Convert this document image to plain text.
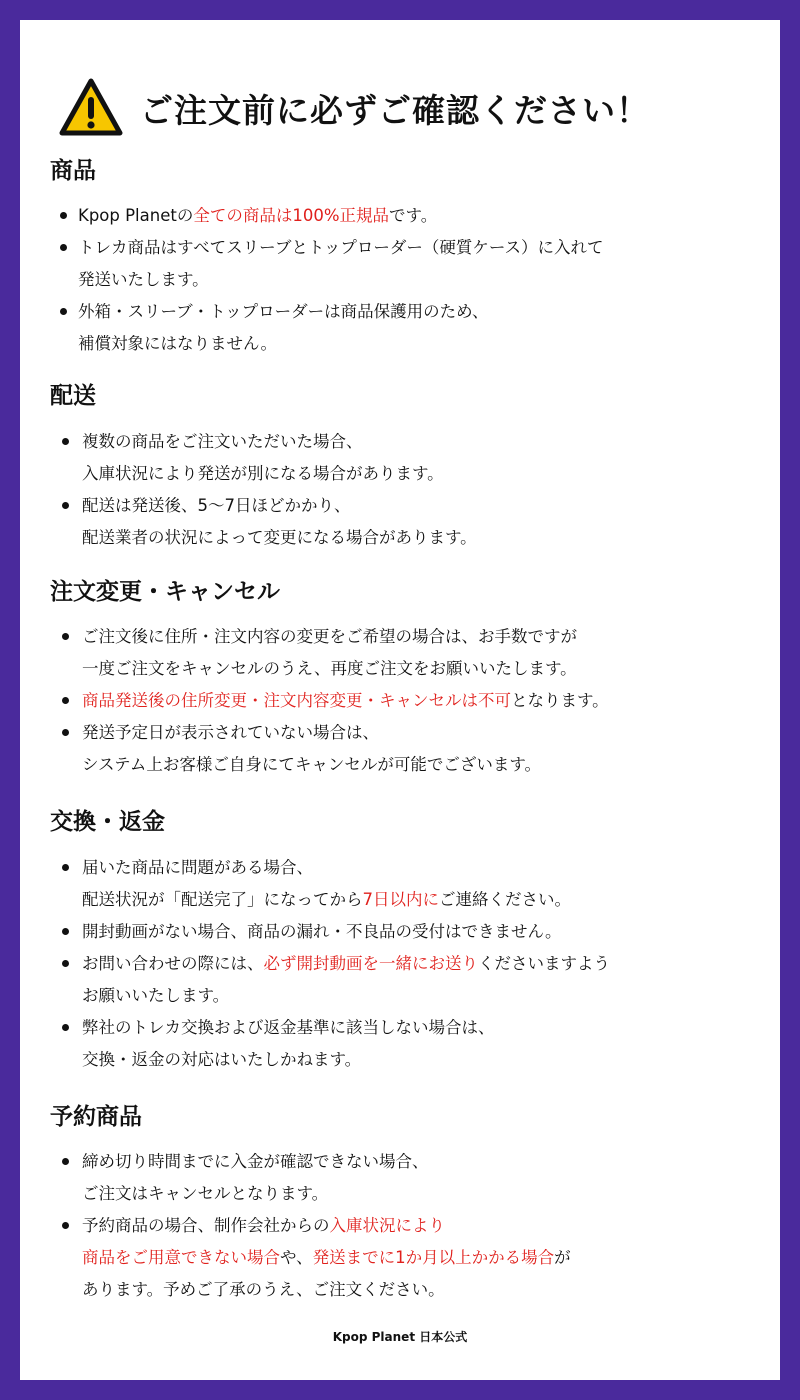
ご注文前に必ずご確認ください！
商品
Kpop Planetの全ての商品は100%正規品です。
トレカ商品はすべてスリーブとトップローダー（硬質ケース）に入れて
発送いたします。
外箱・スリーブ・トップローダーは商品保護用のため、
補償対象にはなりません。
配送
複数の商品をご注文いただいた場合、
入庫状況により発送が別になる場合があります。
配送は発送後、5〜7日ほどかかり、
配送業者の状況によって変更になる場合があります。
注文変更・キャンセル
ご注文後に住所・注文内容の変更をご希望の場合は、お手数ですが
一度ご注文をキャンセルのうえ、再度ご注文をお願いいたします。
商品発送後の住所変更・注文内容変更・キャンセルは不可となります。
発送予定日が表示されていない場合は、
システム上お客様ご自身にてキャンセルが可能でございます。
交換・返金
届いた商品に問題がある場合、
配送状況が「配送完了」になってから7日以内にご連絡ください。
開封動画がない場合、商品の漏れ・不良品の受付はできません。
お問い合わせの際には、必ず開封動画を一緒にお送りくださいますよう
お願いいたします。
弊社のトレカ交換および返金基準に該当しない場合は、
交換・返金の対応はいたしかねます。
予約商品
締め切り時間までに入金が確認できない場合、
ご注文はキャンセルとなります。
予約商品の場合、制作会社からの入庫状況により
商品をご用意できない場合や、発送までに1か月以上かかる場合が
あります。予めご了承のうえ、ご注文ください。
Kpop Planet 日本公式
